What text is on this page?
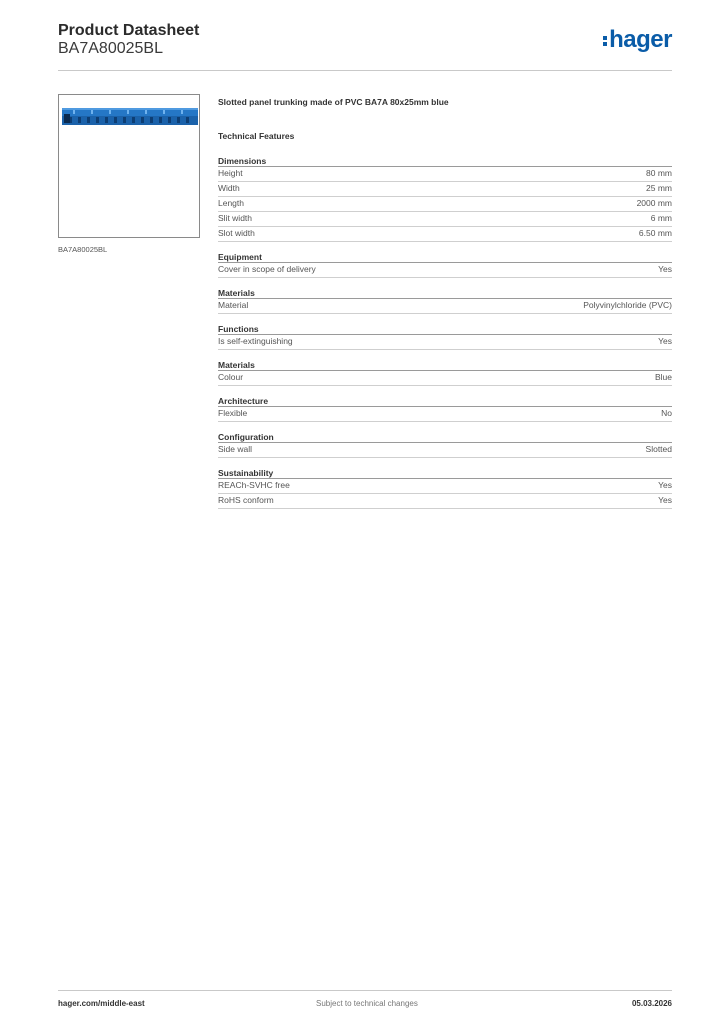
Product Datasheet
BA7A80025BL	hager
BA7A80025BL
Slotted panel trunking made of PVC BA7A 80x25mm blue
Technical Features
Dimensions
Height	80 mm
Width	25 mm
Length	2000 mm
Slit width	6 mm
Slot width	6.50 mm
Equipment
Cover in scope of delivery	Yes
Materials
Material	Polyvinylchloride (PVC)
Functions
Is self-extinguishing	Yes
Materials
Colour	Blue
Architecture
Flexible	No
Configuration
Side wall	Slotted
Sustainability
REACh-SVHC free	Yes
RoHS conform	Yes
hager.com/middle-east	Subject to technical changes	05.03.2026
